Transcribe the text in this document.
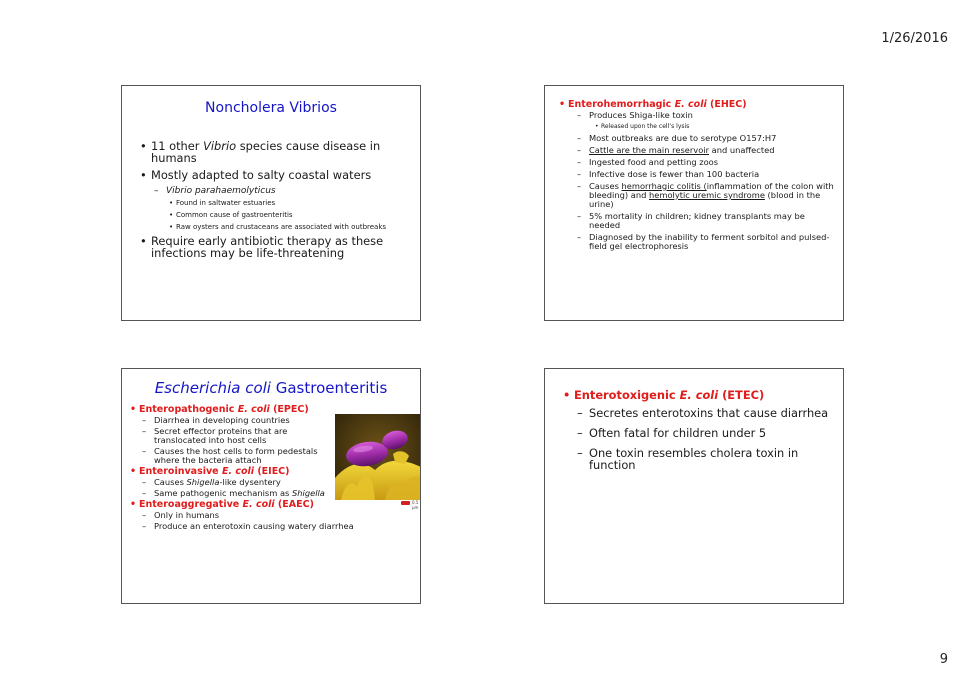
1/26/2016
Noncholera Vibrios
• 11 other Vibrio species cause disease in humans
• Mostly adapted to salty coastal waters
– Vibrio parahaemolyticus
• Found in saltwater estuaries
• Common cause of gastroenteritis
• Raw oysters and crustaceans are associated with outbreaks
• Require early antibiotic therapy as these infections may be life-threatening
• Enterohemorrhagic E. coli (EHEC)
– Produces Shiga-like toxin
• Released upon the cell’s lysis
– Most outbreaks are due to serotype O157:H7
– Cattle are the main reservoir and unaffected
– Ingested food and petting zoos
– Infective dose is fewer than 100 bacteria
– Causes hemorrhagic colitis (inflammation of the colon with bleeding) and hemolytic uremic syndrome (blood in the urine)
– 5% mortality in children; kidney transplants may be needed
– Diagnosed by the inability to ferment sorbitol and pulsed-field gel electrophoresis
Escherichia coli Gastroenteritis
• Enteropathogenic E. coli (EPEC)
– Diarrhea in developing countries
– Secret effector proteins that are translocated into host cells
– Causes the host cells to form pedestals where the bacteria attach
• Enteroinvasive E. coli (EIEC)
– Causes Shigella-like dysentery
– Same pathogenic mechanism as Shigella
• Enteroaggregative E. coli (EAEC)
– Only in humans
– Produce an enterotoxin causing watery diarrhea
0.5 µm
• Enterotoxigenic E. coli (ETEC)
– Secretes enterotoxins that cause diarrhea
– Often fatal for children under 5
– One toxin resembles cholera toxin in function
9
